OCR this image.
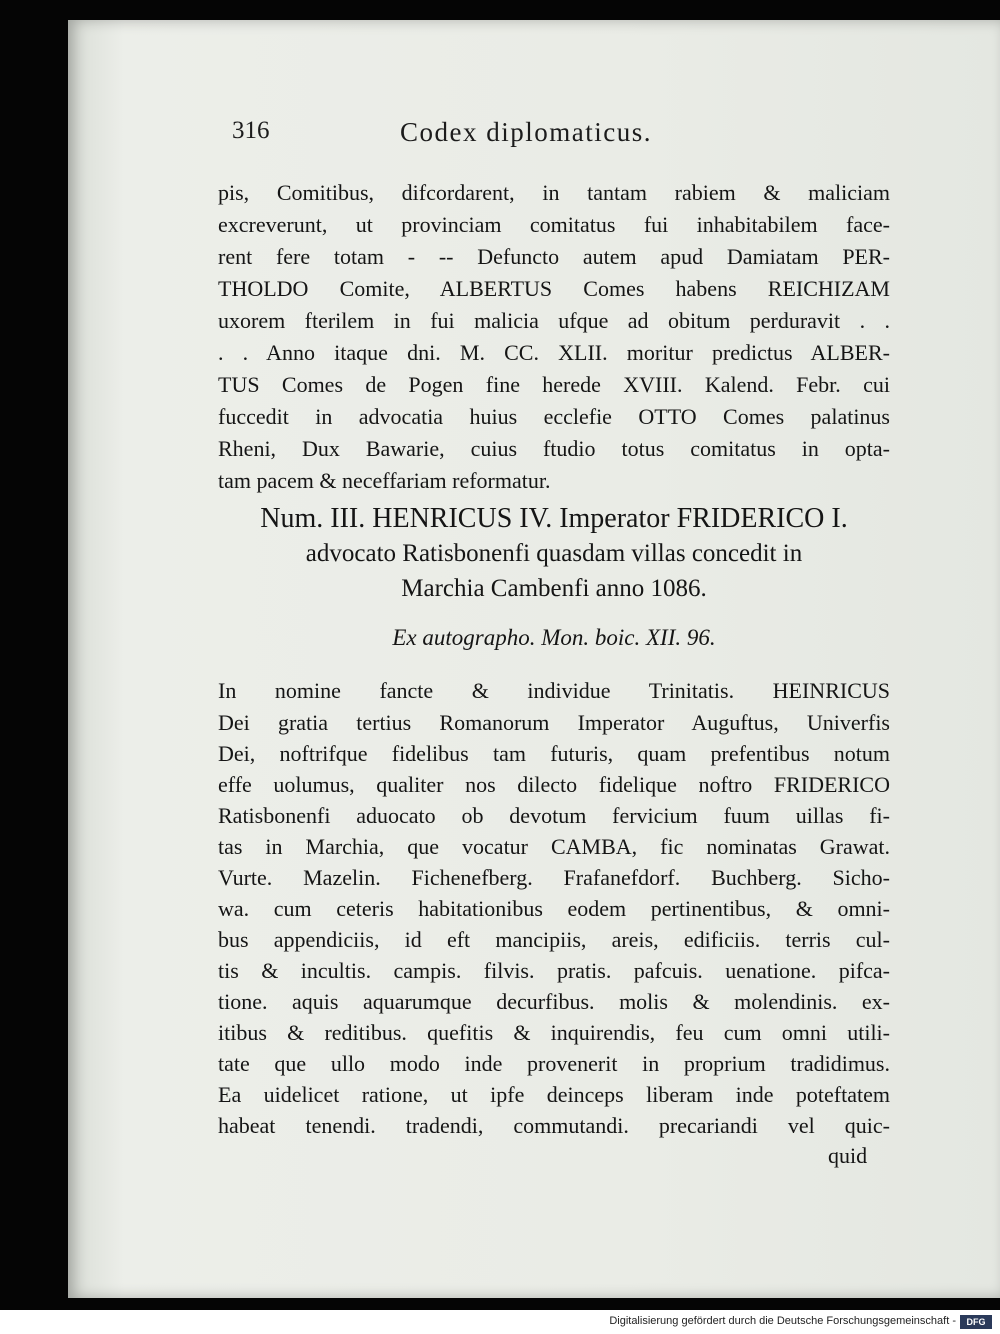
316	Codex diplomaticus.
pis, Comitibus, difcordarent, in tantam rabiem & maliciam
excreverunt, ut provinciam comitatus fui inhabitabilem face-
rent fere totam - -- Defuncto autem apud Damiatam PER-
THOLDO Comite, ALBERTUS Comes habens REICHIZAM
uxorem fterilem in fui malicia ufque ad obitum perduravit . .
. . Anno itaque dni. M. CC. XLII. moritur predictus ALBER-
TUS Comes de Pogen fine herede XVIII. Kalend. Febr. cui
fuccedit in advocatia huius ecclefie OTTO Comes palatinus
Rheni, Dux Bawarie, cuius ftudio totus comitatus in opta-
tam pacem & neceffariam reformatur.
Num. III. HENRICUS IV. Imperator FRIDERICO I.
advocato Ratisbonenfi quasdam villas concedit in
Marchia Cambenfi anno 1086.
Ex autographo. Mon. boic. XII. 96.
In nomine fancte & individue Trinitatis. HEINRICUS
Dei gratia tertius Romanorum Imperator Auguftus, Univerfis
Dei, noftrifque fidelibus tam futuris, quam prefentibus notum
effe uolumus, qualiter nos dilecto fidelique noftro FRIDERICO
Ratisbonenfi aduocato ob devotum fervicium fuum uillas fi-
tas in Marchia, que vocatur CAMBA, fic nominatas Grawat.
Vurte. Mazelin. Fichenefberg. Frafanefdorf. Buchberg. Sicho-
wa. cum ceteris habitationibus eodem pertinentibus, & omni-
bus appendiciis, id eft mancipiis, areis, edificiis. terris cul-
tis & incultis. campis. filvis. pratis. pafcuis. uenatione. pifca-
tione. aquis aquarumque decurfibus. molis & molendinis. ex-
itibus & reditibus. quefitis & inquirendis, feu cum omni utili-
tate que ullo modo inde provenerit in proprium tradidimus.
Ea uidelicet ratione, ut ipfe deinceps liberam inde poteftatem
habeat tenendi. tradendi, commutandi. precariandi vel quic-
quid
Digitalisierung gefördert durch die Deutsche Forschungsgemeinschaft -	DFG
